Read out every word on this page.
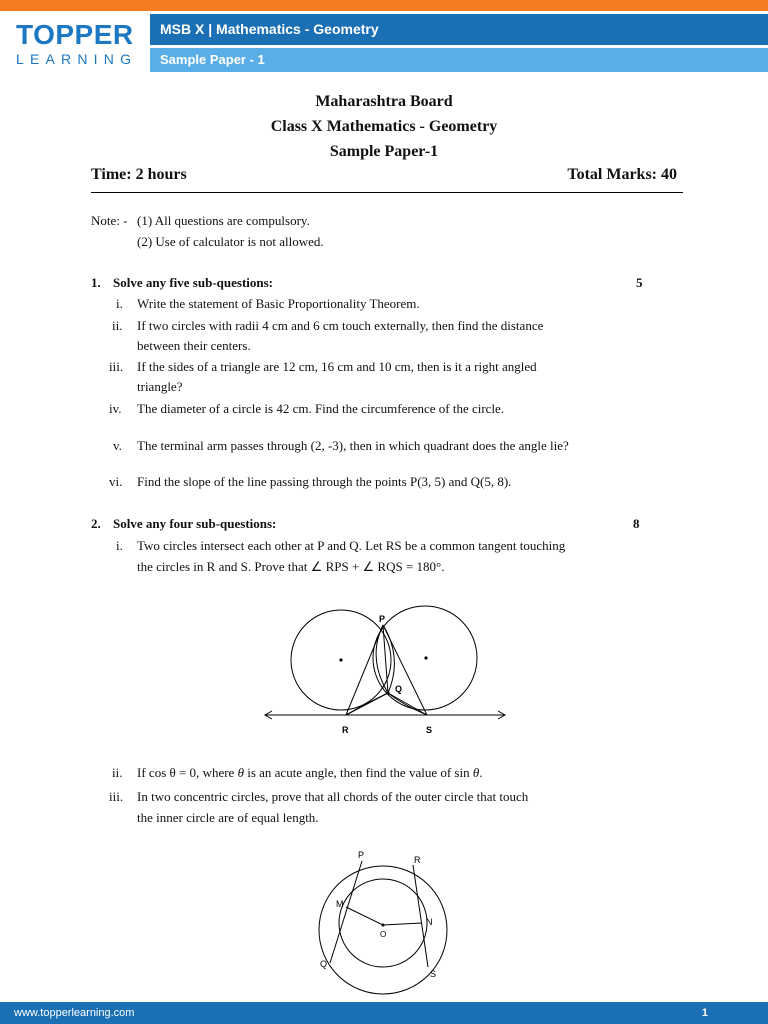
TOPPER
LEARNING
MSB X | Mathematics - Geometry
Sample Paper - 1
Maharashtra Board
Class X Mathematics - Geometry
Sample Paper-1
Time: 2 hours	Total Marks: 40
Note: - (1) All questions are compulsory.
(2) Use of calculator is not allowed.
1. Solve any five sub-questions:	5
i. Write the statement of Basic Proportionality Theorem.
ii. If two circles with radii 4 cm and 6 cm touch externally, then find the distance
between their centers.
iii. If the sides of a triangle are 12 cm, 16 cm and 10 cm, then is it a right angled
triangle?
iv. The diameter of a circle is 42 cm. Find the circumference of the circle.
v. The terminal arm passes through (2, -3), then in which quadrant does the angle lie?
vi. Find the slope of the line passing through the points P(3, 5) and Q(5, 8).
2. Solve any four sub-questions:	8
i. Two circles intersect each other at P and Q. Let RS be a common tangent touching
the circles in R and S. Prove that ∠ RPS + ∠ RQS = 180°.
P
Q
R	S
ii. If cos θ = 0, where θ is an acute angle, then find the value of sin θ.
iii. In two concentric circles, prove that all chords of the outer circle that touch
the inner circle are of equal length.
P	R
M
N
O
Q
S
www.topperlearning.com	1
